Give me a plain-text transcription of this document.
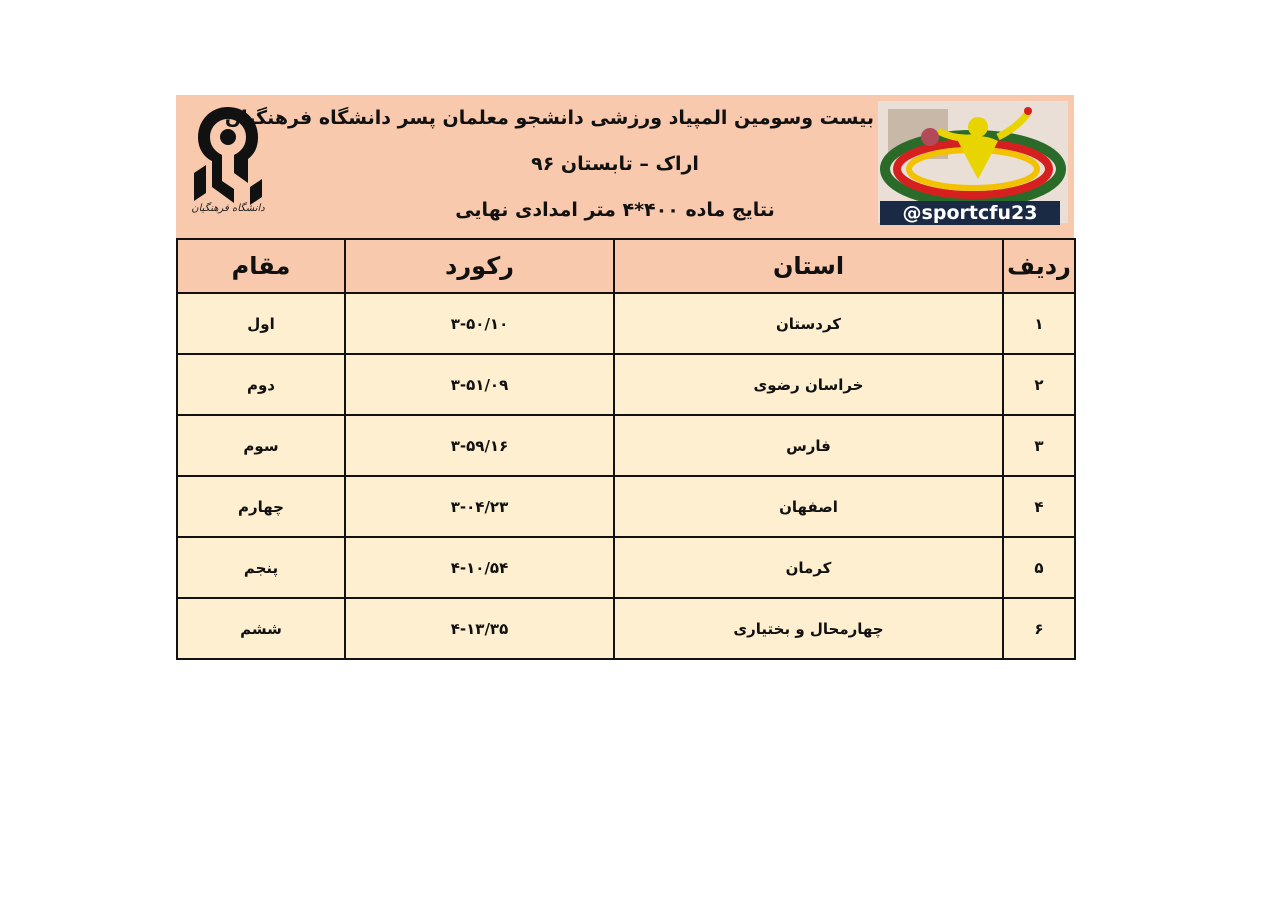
دانشگاه فرهنگیان
بیست وسومین المپیاد ورزشی دانشجو معلمان پسر دانشگاه فرهنگیان
اراک – تابستان ۹۶
نتایج ماده ۴۰۰*۴ متر امدادی نهایی	@sportcfu23
ردیف	استان	رکورد	مقام
۱	کردستان	۳-۵۰/۱۰	اول
۲	خراسان رضوی	۳-۵۱/۰۹	دوم
۳	فارس	۳-۵۹/۱۶	سوم
۴	اصفهان	۳-۰۴/۲۳	چهارم
۵	کرمان	۴-۱۰/۵۴	پنجم
۶	چهارمحال و بختیاری	۴-۱۳/۳۵	ششم
